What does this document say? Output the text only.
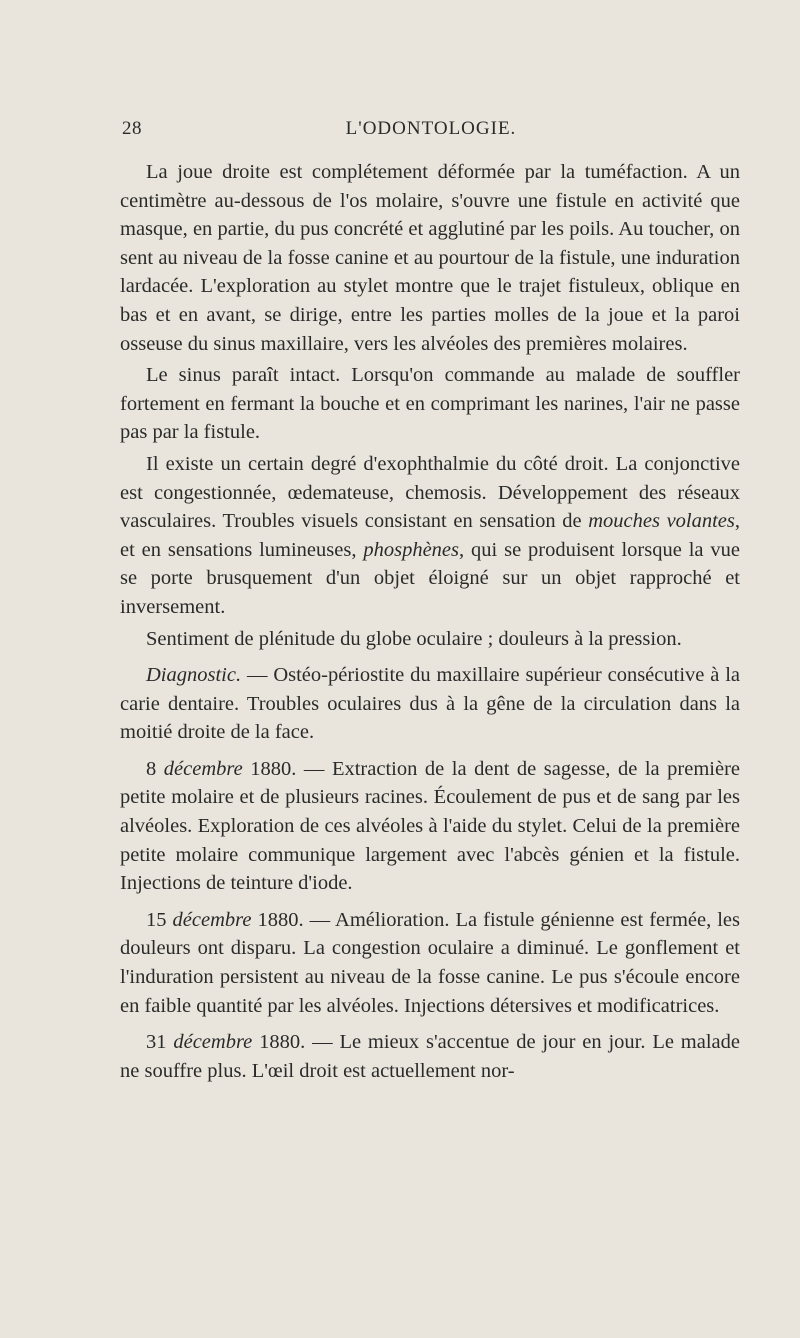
28	L'ODONTOLOGIE.

La joue droite est complétement déformée par la tuméfaction. A un centimètre au-dessous de l'os molaire, s'ouvre une fistule en activité que masque, en partie, du pus concrété et agglutiné par les poils. Au toucher, on sent au niveau de la fosse canine et au pourtour de la fistule, une induration lardacée. L'exploration au stylet montre que le trajet fistuleux, oblique en bas et en avant, se dirige, entre les parties molles de la joue et la paroi osseuse du sinus maxillaire, vers les alvéoles des premières molaires.

Le sinus paraît intact. Lorsqu'on commande au malade de souffler fortement en fermant la bouche et en comprimant les narines, l'air ne passe pas par la fistule.

Il existe un certain degré d'exophthalmie du côté droit. La conjonctive est congestionnée, œdemateuse, chemosis. Développement des réseaux vasculaires. Troubles visuels consistant en sensation de mouches volantes, et en sensations lumineuses, phosphènes, qui se produisent lorsque la vue se porte brusquement d'un objet éloigné sur un objet rapproché et inversement.

Sentiment de plénitude du globe oculaire ; douleurs à la pression.

Diagnostic. — Ostéo-périostite du maxillaire supérieur consécutive à la carie dentaire. Troubles oculaires dus à la gêne de la circulation dans la moitié droite de la face.

8 décembre 1880. — Extraction de la dent de sagesse, de la première petite molaire et de plusieurs racines. Écoulement de pus et de sang par les alvéoles. Exploration de ces alvéoles à l'aide du stylet. Celui de la première petite molaire communique largement avec l'abcès génien et la fistule. Injections de teinture d'iode.

15 décembre 1880. — Amélioration. La fistule génienne est fermée, les douleurs ont disparu. La congestion oculaire a diminué. Le gonflement et l'induration persistent au niveau de la fosse canine. Le pus s'écoule encore en faible quantité par les alvéoles. Injections détersives et modificatrices.

31 décembre 1880. — Le mieux s'accentue de jour en jour. Le malade ne souffre plus. L'œil droit est actuellement nor-
